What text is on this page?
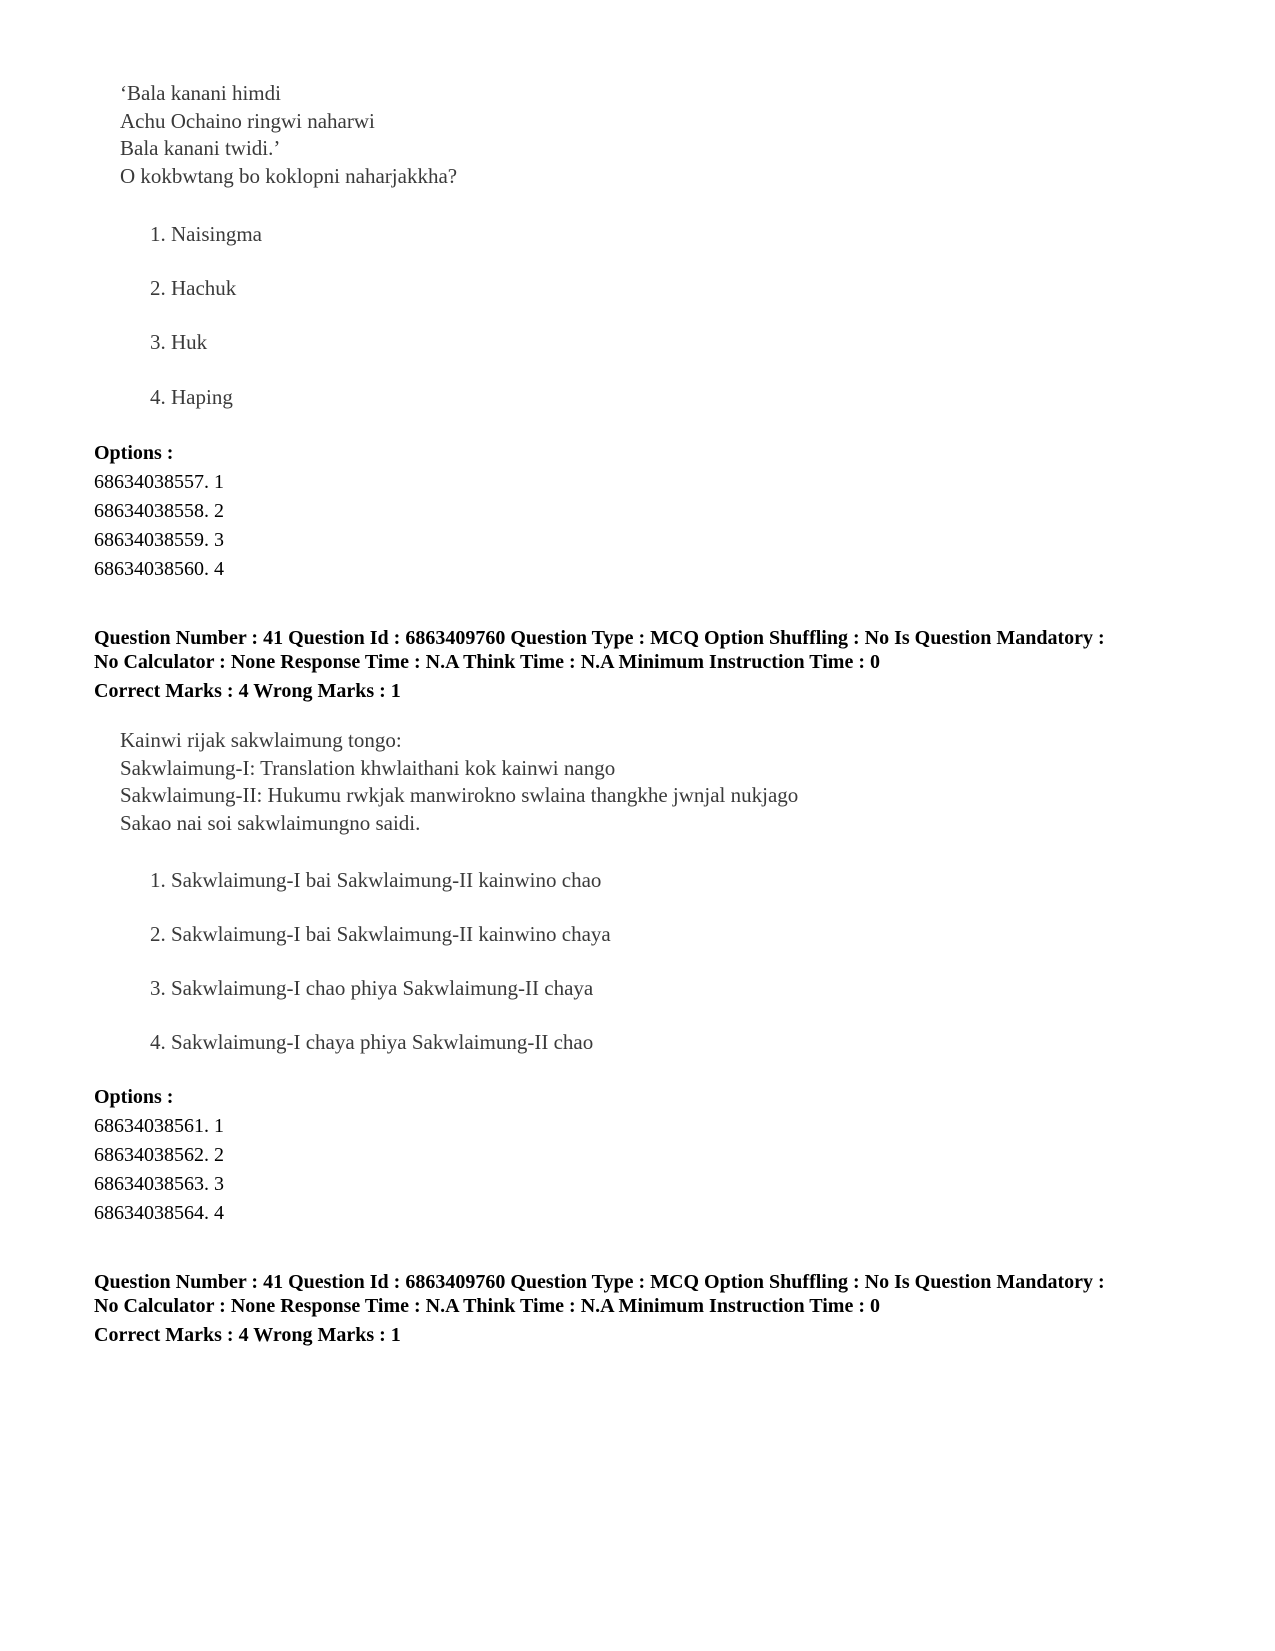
‘Bala kanani himdi
Achu Ochaino ringwi naharwi
Bala kanani twidi.’
O kokbwtang bo koklopni naharjakkha?
1. Naisingma
2. Hachuk
3. Huk
4. Haping
Options :
68634038557. 1
68634038558. 2
68634038559. 3
68634038560. 4
Question Number : 41 Question Id : 6863409760 Question Type : MCQ Option Shuffling : No Is Question Mandatory :
No Calculator : None Response Time : N.A Think Time : N.A Minimum Instruction Time : 0
Correct Marks : 4 Wrong Marks : 1
Kainwi rijak sakwlaimung tongo:
Sakwlaimung-I: Translation khwlaithani kok kainwi nango
Sakwlaimung-II: Hukumu rwkjak manwirokno swlaina thangkhe jwnjal nukjago
Sakao nai soi sakwlaimungno saidi.
1. Sakwlaimung-I bai Sakwlaimung-II kainwino chao
2. Sakwlaimung-I bai Sakwlaimung-II kainwino chaya
3. Sakwlaimung-I chao phiya Sakwlaimung-II chaya
4. Sakwlaimung-I chaya phiya Sakwlaimung-II chao
Options :
68634038561. 1
68634038562. 2
68634038563. 3
68634038564. 4
Question Number : 41 Question Id : 6863409760 Question Type : MCQ Option Shuffling : No Is Question Mandatory :
No Calculator : None Response Time : N.A Think Time : N.A Minimum Instruction Time : 0
Correct Marks : 4 Wrong Marks : 1
